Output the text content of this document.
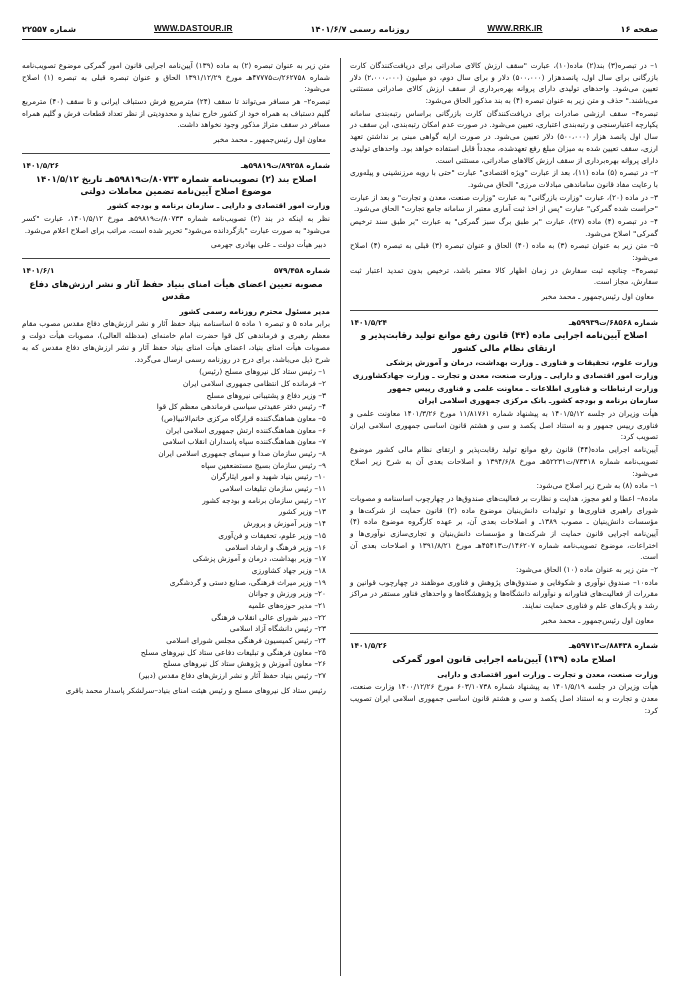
صفحه ۱۶
WWW.RRK.IR
روزنامه رسمی ۱۴۰۱/۶/۷
WWW.DASTOUR.IR
شماره ۲۲۵۵۷

۱– در تبصره(۳) بند(۲) ماده(۱۰)، عبارت "سقف ارزش کالای صادراتی برای دریافت‌کنندگان کارت بازرگانی برای سال اول، پانصدهزار (۵۰۰،۰۰۰) دلار و برای سال دوم، دو میلیون (۲،۰۰۰،۰۰۰) دلار تعیین می‌شود. واحدهای تولیدی دارای پروانه بهره‌برداری از سقف ارزش کالای صادراتی مستثنی می‌باشند." حذف و متن زیر به عنوان تبصره (۴) به بند مذکور الحاق می‌شود:

تبصره۴– سقف ارزشی صادرات برای دریافت‌کنندگان کارت بازرگانی براساس رتبه‌بندی سامانه یکپارچه اعتبارسنجی و رتبه‌بندی اعتباری، تعیین می‌شود. در صورت عدم امکان رتبه‌بندی، این سقف در سال اول پانصد هزار (۵۰۰،۰۰۰) دلار تعیین می‌شود. در صورت ارایه گواهی مبنی بر نداشتن تعهد ارزی، سقف تعیین شده به میزان مبلغ رفع تعهدشده، مجدداً قابل استفاده خواهد بود. واحدهای تولیدی دارای پروانه بهره‌برداری از سقف ارزش کالاهای صادراتی، مستثنی است.

۲– در تبصره (۵) ماده (۱۱)، بعد از عبارت "ویژه اقتصادی" عبارت "حتی با رویه مرزنشینی و پیله‌وری با رعایت مفاد قانون ساماندهی مبادلات مرزی" الحاق می‌شود.

۳– در ماده (۲۰)، عبارت "وزارت بازرگانی" به عبارت "وزارت صنعت، معدن و تجارت" و بعد از عبارت "حراست شده گمرکی" عبارت "پس از اخذ ثبت آماری معتبر از سامانه جامع تجارت" الحاق می‌شود.

۴– در تبصره (۴) ماده (۲۷)، عبارت "بر طبق برگ سبز گمرکی" به عبارت "بر طبق سند ترخیص گمرکی" اصلاح می‌شود.

۵– متن زیر به عنوان تبصره (۳) به ماده (۴۰) الحاق و عنوان تبصره (۳) قبلی به تبصره (۴) اصلاح می‌شود:

تبصره۳– چنانچه ثبت سفارش در زمان اظهار کالا معتبر باشد، ترخیص بدون تمدید اعتبار ثبت سفارش، مجاز است.

معاون اول رئیس‌جمهور ـ محمد مخبر

شماره ۶۸۵۶۸/ت۵۹۹۳۹هـ
۱۴۰۱/۵/۲۴
اصلاح آیین‌نامه اجرایی ماده (۴۴) قانون رفع موانع تولید رقابت‌پذیر و ارتقای نظام مالی کشور
وزارت علوم، تحقیقات و فناوری ـ وزارت بهداشت، درمان و آموزش پزشکی
وزارت امور اقتصادی و دارایی ـ وزارت صنعت، معدن و تجارت ـ وزارت جهادکشاورزی
وزارت ارتباطات و فناوری اطلاعات ـ معاونت علمی و فناوری رییس جمهور
سازمان برنامه و بودجه کشورـ بانک مرکزی جمهوری اسلامی ایران

هیأت وزیران در جلسه ۱۴۰۱/۵/۱۲ به پیشنهاد شماره ۱۱/۸۱۷۶۱ مورخ ۱۴۰۱/۳/۲۶ معاونت علمی و فناوری رییس جمهور و به استناد اصل یکصد و سی و هشتم قانون اساسی جمهوری اسلامی ایران تصویب کرد:

آیین‌نامه اجرایی ماده(۴۴) قانون رفع موانع تولید رقابت‌پذیر و ارتقای نظام مالی کشور موضوع تصویب‌نامه شماره ۷۳۳۱۸/ت۵۲۲۳۱هـ مورخ ۱۳۹۴/۶/۸ و اصلاحات بعدی آن به شرح زیر اصلاح می‌شود:

۱– ماده (۸) به شرح زیر اصلاح می‌شود:

ماده۸– اعطا و لغو مجوز، هدایت و نظارت بر فعالیت‌های صندوق‌ها در چهارچوب اساسنامه و مصوبات شورای راهبری فناوری‌ها و تولیدات دانش‌بنیان موضوع ماده (۲) قانون حمایت از شرکت‌ها و مؤسسات دانش‌بنیان ـ مصوب ۱۳۸۹ـ و اصلاحات بعدی آن، بر عهده کارگروه موضوع ماده (۴) آیین‌نامه اجرایی قانون حمایت از شرکت‌ها و مؤسسات دانش‌بنیان و تجاری‌سازی نوآوری‌ها و اختراعات، موضوع تصویب‌نامه شماره ۱۴۶۲۰۷/ت۴۵۴۱۳هـ مورخ ۱۳۹۱/۸/۲۱ و اصلاحات بعدی آن است.

۲– متن زیر به عنوان ماده (۱۰) الحاق می‌شود:

ماده۱۰– صندوق نوآوری و شکوفایی و صندوق‌های پژوهش و فناوری موظفند در چهارچوب قوانین و مقررات از فعالیت‌های فناورانه و نوآورانه دانشگاه‌ها و پژوهشگاه‌ها و واحدهای فناور مستقر در مراکز رشد و پارک‌های علم و فناوری حمایت نمایند.

معاون اول رئیس‌جمهور ـ محمد مخبر

شماره ۸۸۴۳۸/ت۵۹۷۱۳هـ
۱۴۰۱/۵/۲۶
اصلاح ماده (۱۳۹) آیین‌نامه اجرایی قانون امور گمرکی
وزارت صنعت، معدن و تجارت ـ وزارت امور اقتصادی و دارایی

هیأت وزیران در جلسه ۱۴۰۱/۵/۱۹ به پیشنهاد شماره ۶۰۳/۱۰۷۳۸ مورخ ۱۴۰۰/۱۲/۲۶ وزارت صنعت، معدن و تجارت و به استناد اصل یکصد و سی و هشتم قانون اساسی جمهوری اسلامی ایران تصویب کرد:

متن زیر به عنوان تبصره (۲) به ماده (۱۳۹) آیین‌نامه اجرایی قانون امور گمرکی موضوع تصویب‌نامه شماره ۲۶۲۷۵۸/ت۴۷۷۷۵هـ مورخ ۱۳۹۱/۱۲/۲۹ الحاق و عنوان تبصره قبلی به تبصره (۱) اصلاح می‌شود:

تبصره۲– هر مسافر می‌تواند تا سقف (۲۴) مترمربع فرش دستباف ایرانی و تا سقف (۴۰) مترمربع گلیم دستباف به همراه خود از کشور خارج نماید و محدودیتی از نظر تعداد قطعات فرش و گلیم همراه مسافر در سقف متراژ مذکور وجود نخواهد داشت.

معاون اول رئیس‌جمهور ـ محمد مخبر

شماره ۸۹۲۵۸/ت۵۹۸۱۹هـ
۱۴۰۱/۵/۲۶
اصلاح بند (۲) تصویب‌نامه شماره ۸۰۷۳۳/ت۵۹۸۱۹هـ تاریخ ۱۴۰۱/۵/۱۲ موضوع اصلاح آیین‌نامه تضمین معاملات دولتی
وزارت امور اقتصادی و دارایی ـ سازمان برنامه و بودجه کشور

نظر به اینکه در بند (۲) تصویب‌نامه شماره ۸۰۷۳۳/ت۵۹۸۱۹هـ مورخ ۱۴۰۱/۵/۱۲، عبارت "کسر می‌شود" به صورت عبارت "بازگردانده می‌شود" تحریر شده است، مراتب برای اصلاح اعلام می‌شود.

دبیر هیأت دولت ـ علی بهادری جهرمی

شماره ۵۷۹/۴۵۸
۱۴۰۱/۶/۱
مصوبه تعیین اعضای هیأت امنای بنیاد حفظ آثار و نشر ارزش‌های دفاع مقدس
مدیر مسئول محترم روزنامه رسمی کشور

برابر ماده ۵ و تبصره ۱ ماده ۵ اساسنامه بنیاد حفظ آثار و نشر ارزش‌های دفاع مقدس مصوب مقام معظم رهبری و فرماندهی کل قوا حضرت امام خامنه‌ای (مدظله العالی)، مصوبات هیأت دولت و مصوبات هیأت امنای بنیاد، اعضای هیأت امنای بنیاد حفظ آثار و نشر ارزش‌های دفاع مقدس که به شرح ذیل می‌باشد، برای درج در روزنامه رسمی ارسال می‌گردد.

۱– رئیس ستاد کل نیروهای مسلح (رئیس)
۲– فرمانده کل انتظامی جمهوری اسلامی ایران
۳– وزیر دفاع و پشتیبانی نیروهای مسلح
۴– رئیس دفتر عقیدتی سیاسی فرماندهی معظم کل قوا
۵– معاون هماهنگ‌کننده قرارگاه مرکزی خاتم‌الانبیا(ص)
۶– معاون هماهنگ‌کننده ارتش جمهوری اسلامی ایران
۷– معاون هماهنگ‌کننده سپاه پاسداران انقلاب اسلامی
۸– رئیس سازمان صدا و سیمای جمهوری اسلامی ایران
۹– رئیس سازمان بسیج مستضعفین سپاه
۱۰– رئیس بنیاد شهید و امور ایثارگران
۱۱– رئیس سازمان تبلیغات اسلامی
۱۲– رئیس سازمان برنامه و بودجه کشور
۱۳– وزیر کشور
۱۴– وزیر آموزش و پرورش
۱۵– وزیر علوم، تحقیقات و فن‌آوری
۱۶– وزیر فرهنگ و ارشاد اسلامی
۱۷– وزیر بهداشت، درمان و آموزش پزشکی
۱۸– وزیر جهاد کشاورزی
۱۹– وزیر میراث فرهنگی، صنایع دستی و گردشگری
۲۰– وزیر ورزش و جوانان
۲۱– مدیر حوزه‌های علمیه
۲۲– دبیر شورای عالی انقلاب فرهنگی
۲۳– رئیس دانشگاه آزاد اسلامی
۲۴– رئیس کمیسیون فرهنگی مجلس شورای اسلامی
۲۵– معاون فرهنگی و تبلیغات دفاعی ستاد کل نیروهای مسلح
۲۶– معاون آموزش و پژوهش ستاد کل نیروهای مسلح
۲۷– رئیس بنیاد حفظ آثار و نشر ارزش‌های دفاع مقدس (دبیر)

رئیس ستاد کل نیروهای مسلح و رئیس هیئت امنای بنیاد–سرلشکر پاسدار محمد باقری
